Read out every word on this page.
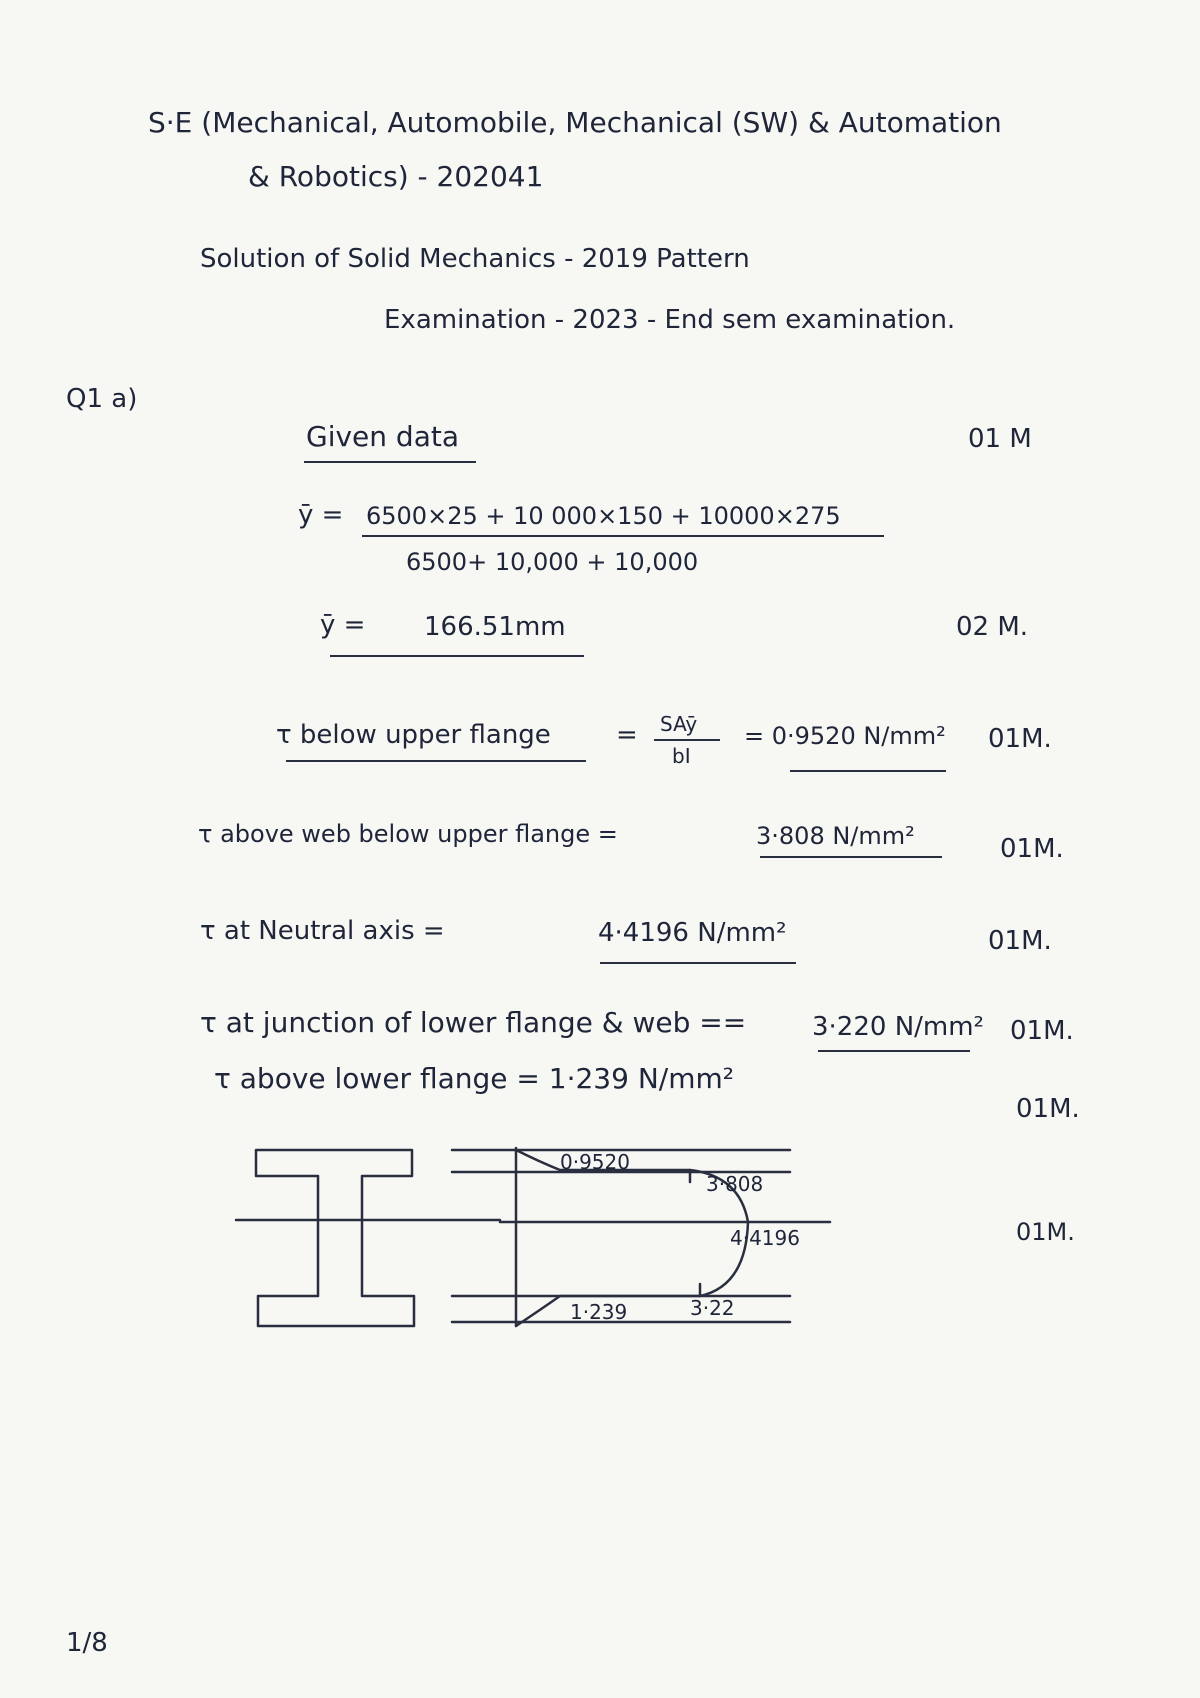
S·E (Mechanical, Automobile, Mechanical (SW) & Automation
& Robotics) - 202041
Solution of Solid Mechanics - 2019 Pattern
Examination - 2023 - End sem examination.
Q1 a)
Given data	01 M
ȳ = 6500×25 + 10 000×150 + 10000×275
6500+ 10,000 + 10,000
ȳ = 166.51mm	02 M.
τ below upper flange	= SAȳ
bI
= 0·9520 N/mm² 01M.
τ above web below upper flange =	3·808 N/mm²	01M.
τ at Neutral axis =	4·4196 N/mm²	01M.
τ at junction of lower flange & web ==	3·220 N/mm² 01M.
τ above lower flange = 1·239 N/mm²
01M.
0·9520
3·808
4·4196
1·239	3·22
01M.
1/8
